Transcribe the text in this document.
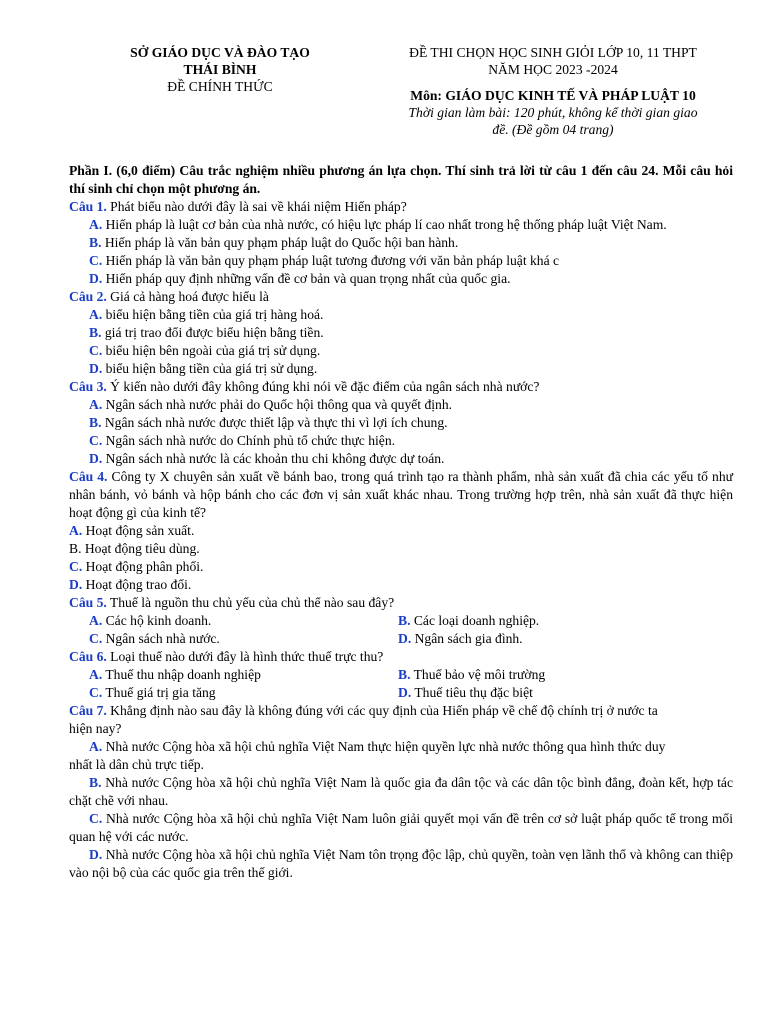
SỞ GIÁO DỤC VÀ ĐÀO TẠO
THÁI BÌNH
ĐỀ CHÍNH THỨC
ĐỀ THI CHỌN HỌC SINH GIỎI LỚP 10, 11 THPT
NĂM HỌC 2023 -2024
Môn: GIÁO DỤC KINH TẾ VÀ PHÁP LUẬT 10
Thời gian làm bài: 120 phút, không kể thời gian giao
đề. (Đề gồm 04 trang)

Phần I. (6,0 điểm) Câu trắc nghiệm nhiều phương án lựa chọn. Thí sinh trả lời từ câu 1 đến câu 24. Mỗi câu hỏi thí sinh chỉ chọn một phương án.

Câu 1. Phát biểu nào dưới đây là sai về khái niệm Hiến pháp?

A. Hiến pháp là luật cơ bản của nhà nước, có hiệu lực pháp lí cao nhất trong hệ thống pháp luật Việt Nam.

B. Hiến pháp là văn bản quy phạm pháp luật do Quốc hội ban hành.

C. Hiến pháp là văn bản quy phạm pháp luật tương đương với văn bản pháp luật khá c

D. Hiến pháp quy định những vấn đề cơ bản và quan trọng nhất của quốc gia.

Câu 2. Giá cả hàng hoá được hiểu là

A. biểu hiện bằng tiền của giá trị hàng hoá.

B. giá trị trao đổi được biểu hiện bằng tiền.

C. biểu hiện bên ngoài của giá trị sử dụng.

D. biểu hiện bằng tiền của giá trị sử dụng.

Câu 3. Ý kiến nào dưới đây không đúng khi nói về đặc điểm của ngân sách nhà nước?

A. Ngân sách nhà nước phải do Quốc hội thông qua và quyết định.

B. Ngân sách nhà nước được thiết lập và thực thi vì lợi ích chung.

C. Ngân sách nhà nước do Chính phủ tổ chức thực hiện.

D. Ngân sách nhà nước là các khoản thu chi không được dự toán.

Câu 4. Công ty X chuyên sản xuất về bánh bao, trong quá trình tạo ra thành phẩm, nhà sản xuất đã chia các yếu tố như nhân bánh, vỏ bánh và hộp bánh cho các đơn vị sản xuất khác nhau. Trong trường hợp trên, nhà sản xuất đã thực hiện hoạt động gì của kinh tế?

A. Hoạt động sản xuất.

B. Hoạt động tiêu dùng.

C. Hoạt động phân phối.

D. Hoạt động trao đổi.

Câu 5. Thuế là nguồn thu chủ yếu của chủ thể nào sau đây?

A. Các hộ kinh doanh.	B. Các loại doanh nghiệp.
C. Ngân sách nhà nước.	D. Ngân sách gia đình.

Câu 6. Loại thuế nào dưới đây là hình thức thuế trực thu?

A. Thuế thu nhập doanh nghiệp	B. Thuế bảo vệ môi trường
C. Thuế giá trị gia tăng	D. Thuế tiêu thụ đặc biệt

Câu 7. Khẳng định nào sau đây là không đúng với các quy định của Hiến pháp về chế độ chính trị ở nước ta

hiện nay?

A. Nhà nước Cộng hòa xã hội chủ nghĩa Việt Nam thực hiện quyền lực nhà nước thông qua hình thức duy

nhất là dân chủ trực tiếp.

B. Nhà nước Cộng hòa xã hội chủ nghĩa Việt Nam là quốc gia đa dân tộc và các dân tộc bình đẳng, đoàn kết, hợp tác chặt chẽ với nhau.

C. Nhà nước Cộng hòa xã hội chủ nghĩa Việt Nam luôn giải quyết mọi vấn đề trên cơ sở luật pháp quốc tế trong mối quan hệ với các nước.

D. Nhà nước Cộng hòa xã hội chủ nghĩa Việt Nam tôn trọng độc lập, chủ quyền, toàn vẹn lãnh thổ và không can thiệp vào nội bộ của các quốc gia trên thế giới.
